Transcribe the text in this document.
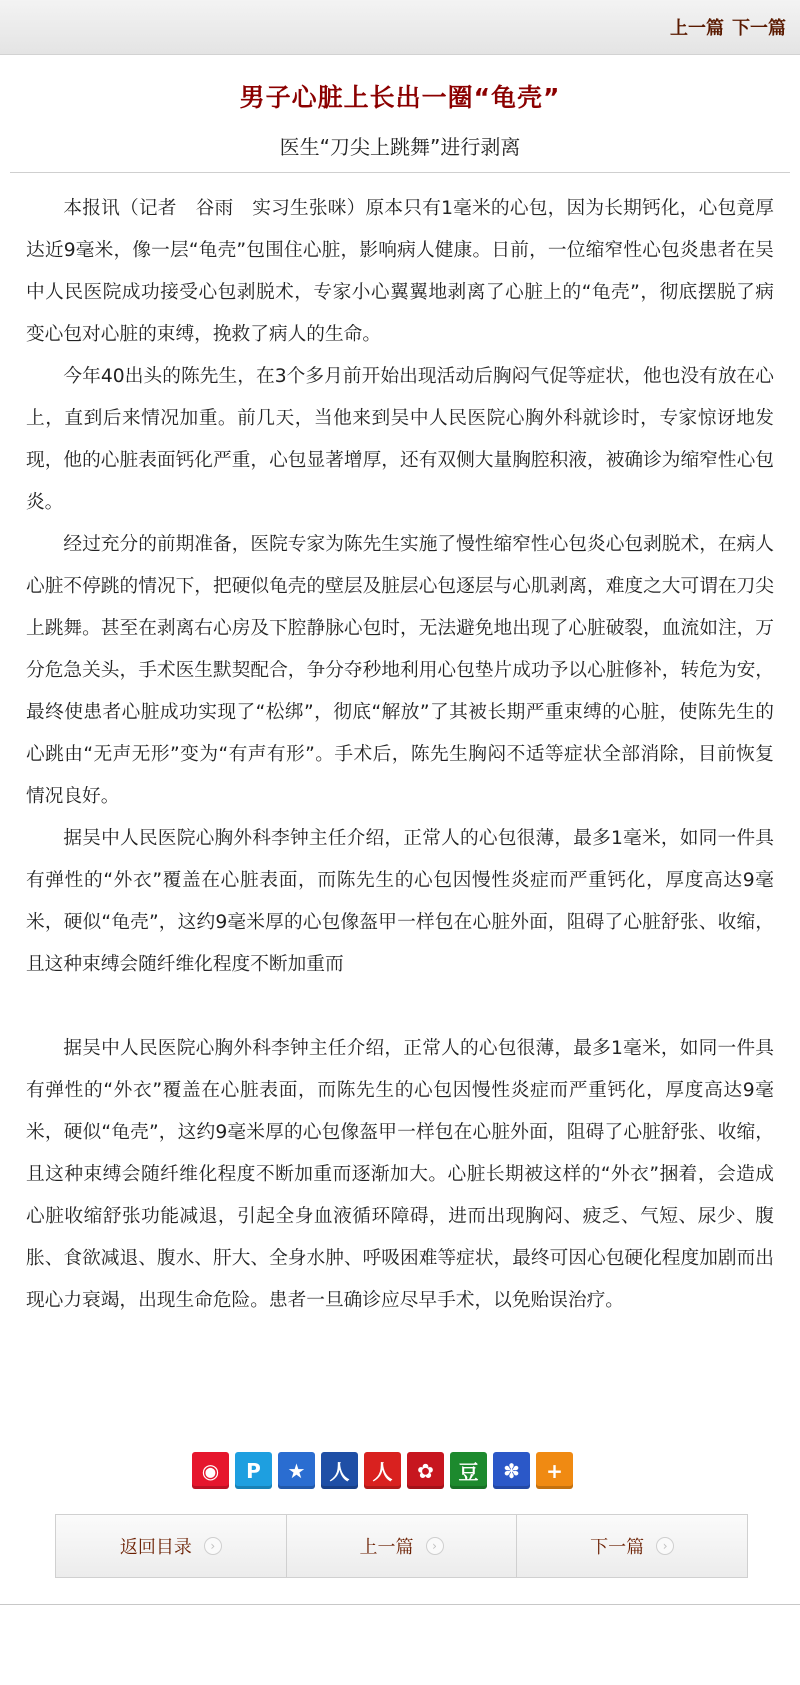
上一篇 下一篇
男子心脏上长出一圈“龟壳”
医生“刀尖上跳舞”进行剥离

本报讯（记者　谷雨　实习生张咪）原本只有1毫米的心包，因为长期钙化，心包竟厚达近9毫米，像一层“龟壳”包围住心脏，影响病人健康。日前，一位缩窄性心包炎患者在吴中人民医院成功接受心包剥脱术，专家小心翼翼地剥离了心脏上的“龟壳”，彻底摆脱了病变心包对心脏的束缚，挽救了病人的生命。

今年40出头的陈先生，在3个多月前开始出现活动后胸闷气促等症状，他也没有放在心上，直到后来情况加重。前几天，当他来到吴中人民医院心胸外科就诊时，专家惊讶地发现，他的心脏表面钙化严重，心包显著增厚，还有双侧大量胸腔积液，被确诊为缩窄性心包炎。

经过充分的前期准备，医院专家为陈先生实施了慢性缩窄性心包炎心包剥脱术，在病人心脏不停跳的情况下，把硬似龟壳的壁层及脏层心包逐层与心肌剥离，难度之大可谓在刀尖上跳舞。甚至在剥离右心房及下腔静脉心包时，无法避免地出现了心脏破裂，血流如注，万分危急关头，手术医生默契配合，争分夺秒地利用心包垫片成功予以心脏修补，转危为安，最终使患者心脏成功实现了“松绑”，彻底“解放”了其被长期严重束缚的心脏，使陈先生的心跳由“无声无形”变为“有声有形”。手术后，陈先生胸闷不适等症状全部消除，目前恢复情况良好。

据吴中人民医院心胸外科李钟主任介绍，正常人的心包很薄，最多1毫米，如同一件具有弹性的“外衣”覆盖在心脏表面，而陈先生的心包因慢性炎症而严重钙化，厚度高达9毫米，硬似“龟壳”，这约9毫米厚的心包像盔甲一样包在心脏外面，阻碍了心脏舒张、收缩，且这种束缚会随纤维化程度不断加重而

据吴中人民医院心胸外科李钟主任介绍，正常人的心包很薄，最多1毫米，如同一件具有弹性的“外衣”覆盖在心脏表面，而陈先生的心包因慢性炎症而严重钙化，厚度高达9毫米，硬似“龟壳”，这约9毫米厚的心包像盔甲一样包在心脏外面，阻碍了心脏舒张、收缩，且这种束缚会随纤维化程度不断加重而逐渐加大。心脏长期被这样的“外衣”捆着，会造成心脏收缩舒张功能减退，引起全身血液循环障碍，进而出现胸闷、疲乏、气短、尿少、腹胀、食欲减退、腹水、肝大、全身水肿、呼吸困难等症状，最终可因心包硬化程度加剧而出现心力衰竭，出现生命危险。患者一旦确诊应尽早手术，以免贻误治疗。

◉	P	★	人	人	✿	豆	✽	+
返回目录	›	上一篇	›	下一篇	›
